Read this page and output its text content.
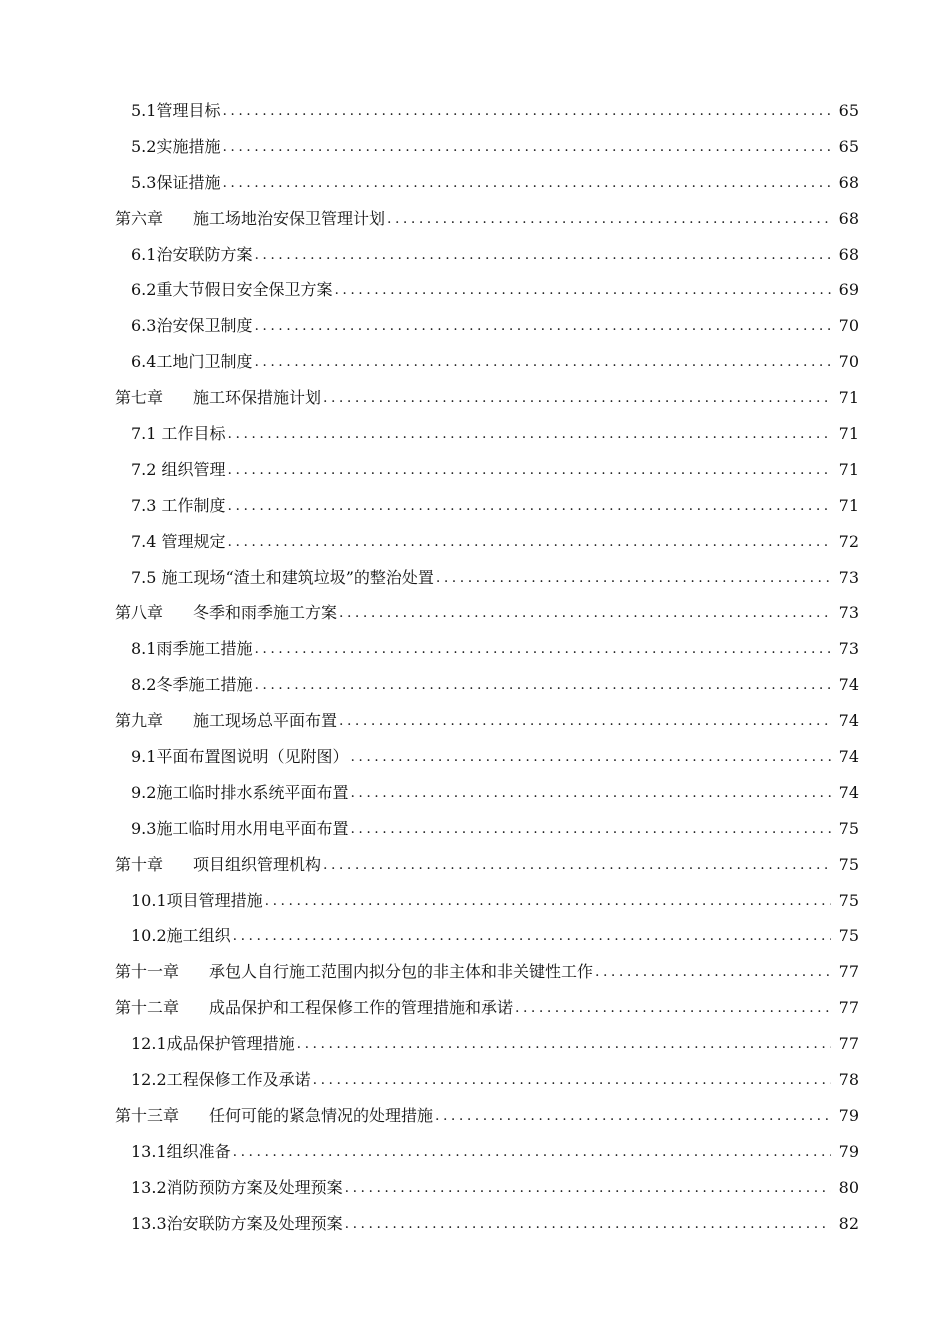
5.1管理目标 .....	65
5.2实施措施 .....	65
5.3保证措施 .....	68
第六章 施工场地治安保卫管理计划 .....	68
6.1治安联防方案 .....	68
6.2重大节假日安全保卫方案 .....	69
6.3治安保卫制度 .....	70
6.4工地门卫制度 .....	70
第七章 施工环保措施计划 .....	71
7.1 工作目标 .....	71
7.2 组织管理 .....	71
7.3 工作制度 .....	71
7.4 管理规定 .....	72
7.5 施工现场“渣土和建筑垃圾”的整治处置 .....	73
第八章 冬季和雨季施工方案 .....	73
8.1雨季施工措施 .....	73
8.2冬季施工措施 .....	74
第九章 施工现场总平面布置 .....	74
9.1平面布置图说明（见附图） .....	74
9.2施工临时排水系统平面布置 .....	74
9.3施工临时用水用电平面布置 .....	75
第十章 项目组织管理机构 .....	75
10.1项目管理措施 .....	75
10.2施工组织 .....	75
第十一章 承包人自行施工范围内拟分包的非主体和非关键性工作 .....	77
第十二章 成品保护和工程保修工作的管理措施和承诺 .....	77
12.1成品保护管理措施 .....	77
12.2工程保修工作及承诺 .....	78
第十三章 任何可能的紧急情况的处理措施 .....	79
13.1组织准备 .....	79
13.2消防预防方案及处理预案 .....	80
13.3治安联防方案及处理预案 .....	82
